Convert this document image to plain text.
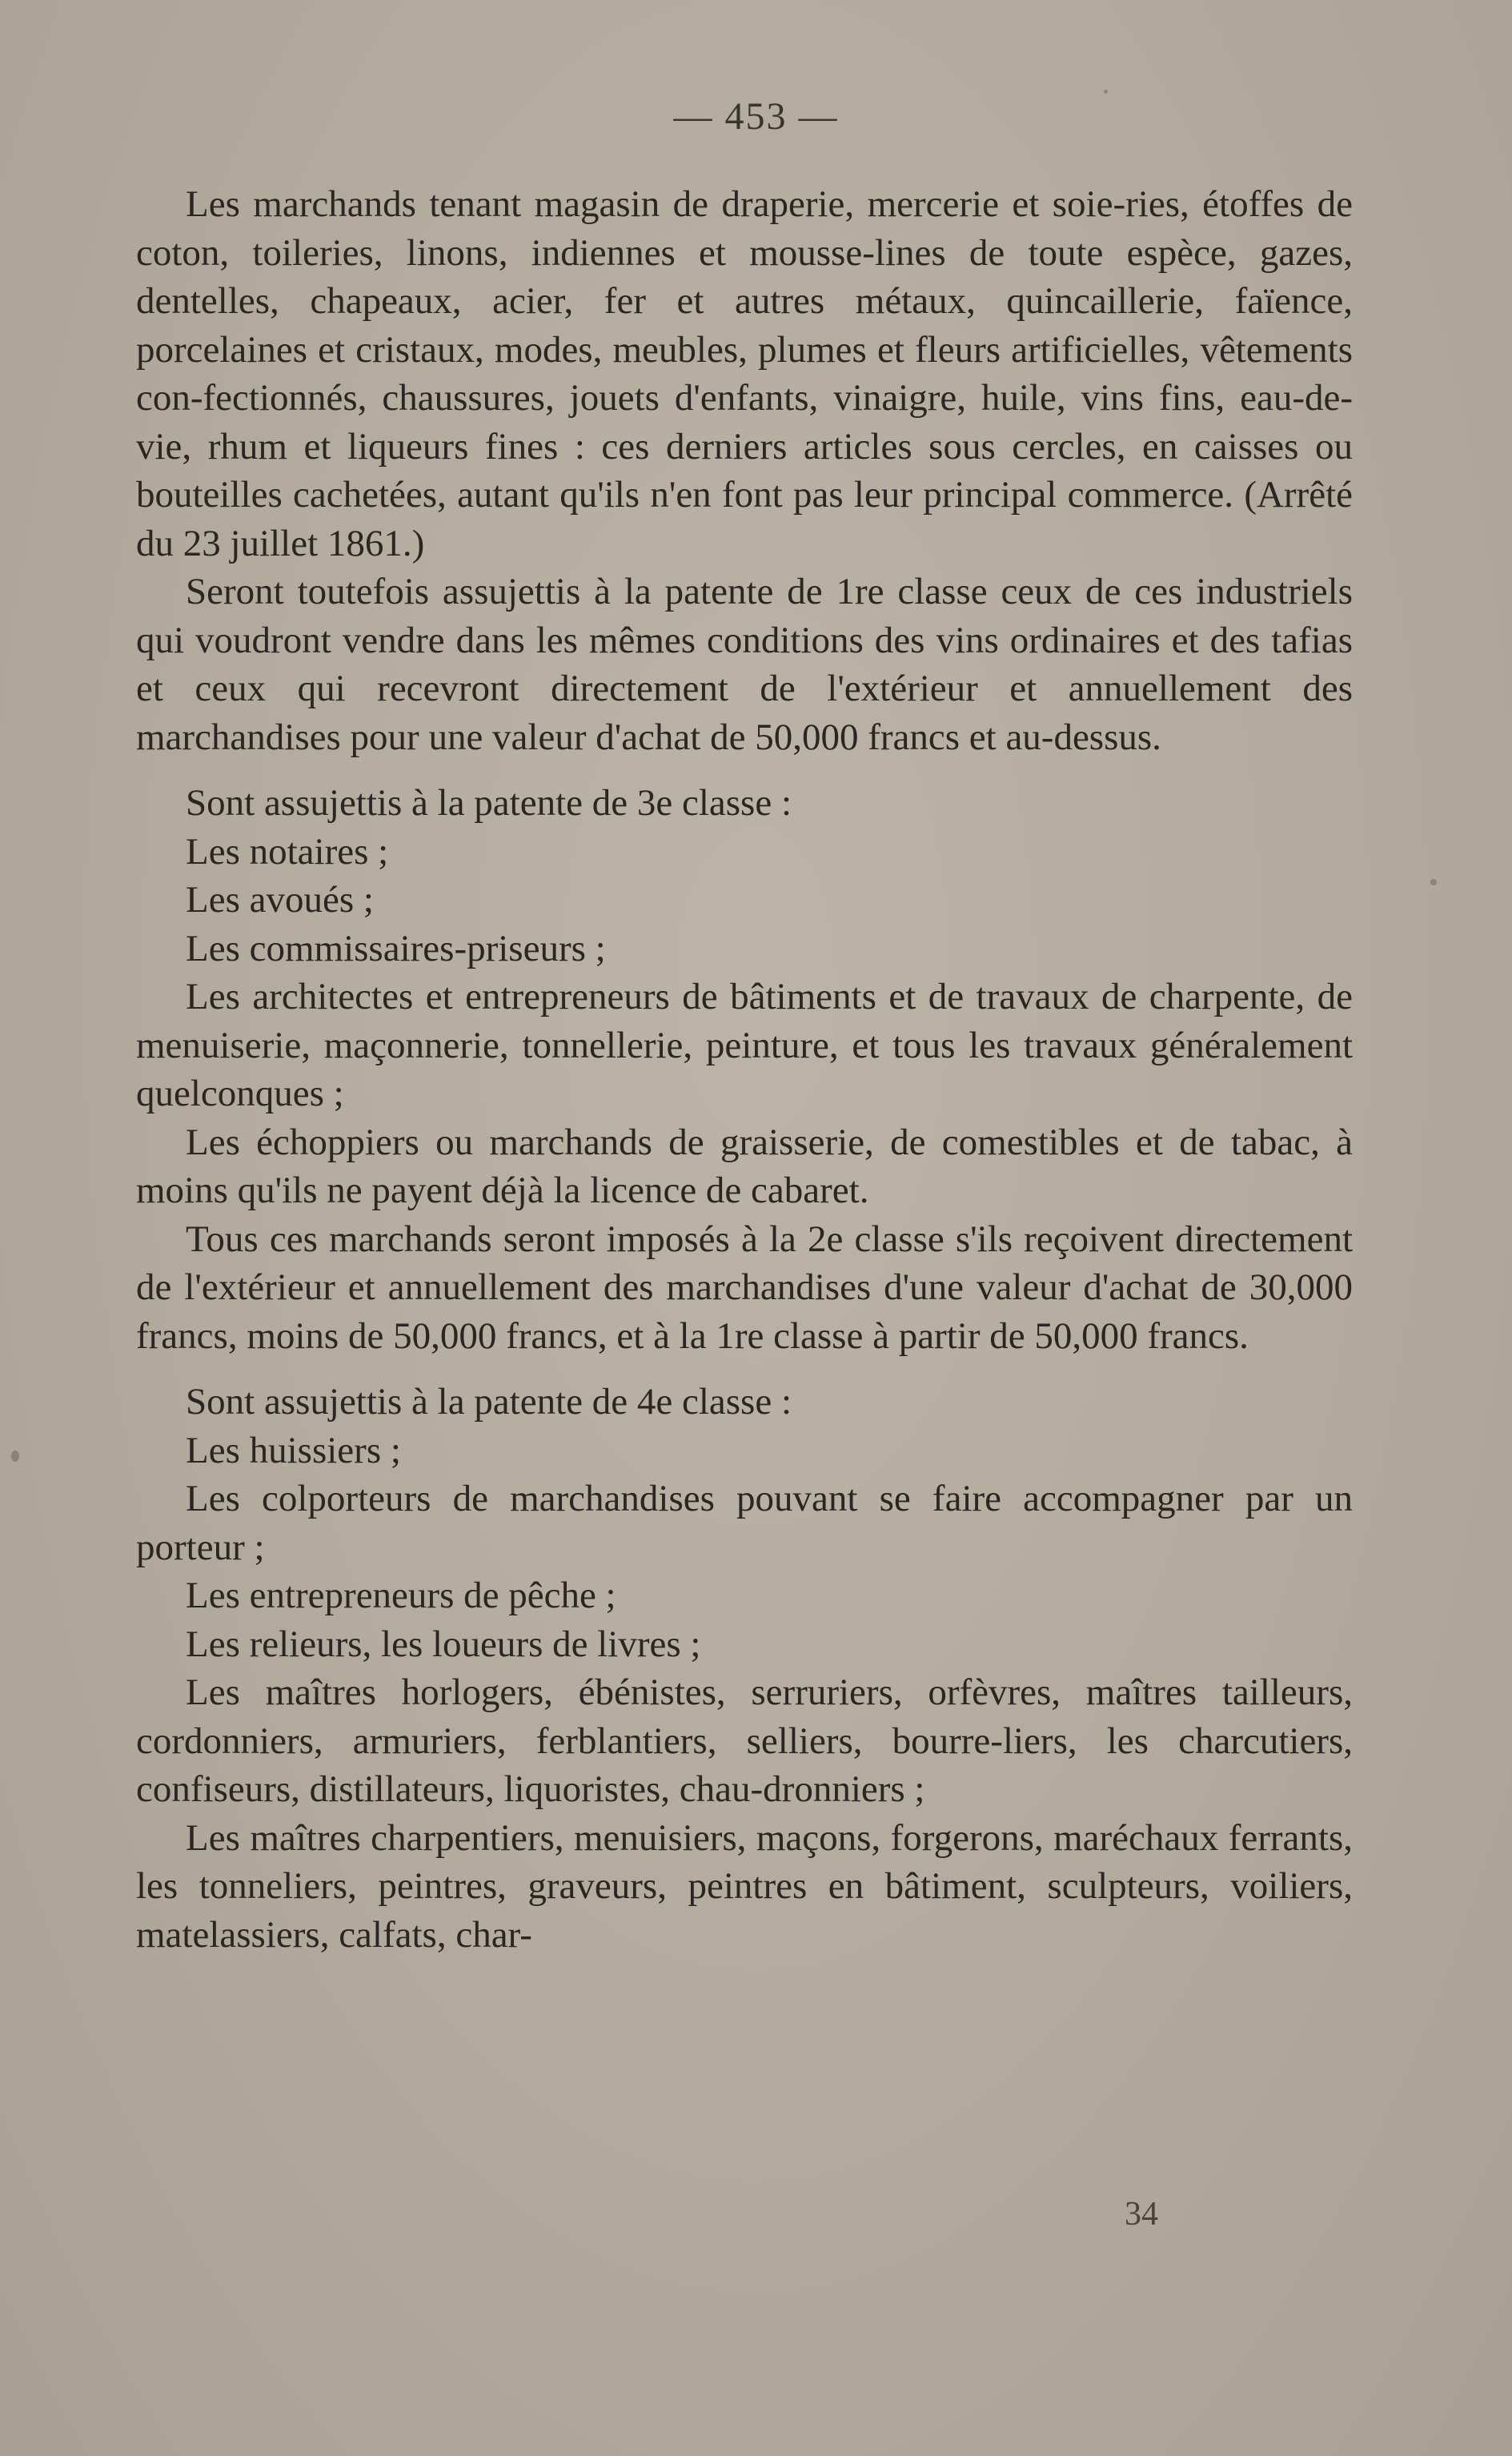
— 453 —

Les marchands tenant magasin de draperie, mercerie et soie-ries, étoffes de coton, toileries, linons, indiennes et mousse-lines de toute espèce, gazes, dentelles, chapeaux, acier, fer et autres métaux, quincaillerie, faïence, porcelaines et cristaux, modes, meubles, plumes et fleurs artificielles, vêtements con-fectionnés, chaussures, jouets d'enfants, vinaigre, huile, vins fins, eau-de-vie, rhum et liqueurs fines : ces derniers articles sous cercles, en caisses ou bouteilles cachetées, autant qu'ils n'en font pas leur principal commerce. (Arrêté du 23 juillet 1861.)

Seront toutefois assujettis à la patente de 1re classe ceux de ces industriels qui voudront vendre dans les mêmes conditions des vins ordinaires et des tafias et ceux qui recevront directement de l'extérieur et annuellement des marchandises pour une valeur d'achat de 50,000 francs et au-dessus.

Sont assujettis à la patente de 3e classe :

Les notaires ;

Les avoués ;

Les commissaires-priseurs ;

Les architectes et entrepreneurs de bâtiments et de travaux de charpente, de menuiserie, maçonnerie, tonnellerie, peinture, et tous les travaux généralement quelconques ;

Les échoppiers ou marchands de graisserie, de comestibles et de tabac, à moins qu'ils ne payent déjà la licence de cabaret.

Tous ces marchands seront imposés à la 2e classe s'ils reçoivent directement de l'extérieur et annuellement des marchandises d'une valeur d'achat de 30,000 francs, moins de 50,000 francs, et à la 1re classe à partir de 50,000 francs.

Sont assujettis à la patente de 4e classe :

Les huissiers ;

Les colporteurs de marchandises pouvant se faire accompagner par un porteur ;

Les entrepreneurs de pêche ;

Les relieurs, les loueurs de livres ;

Les maîtres horlogers, ébénistes, serruriers, orfèvres, maîtres tailleurs, cordonniers, armuriers, ferblantiers, selliers, bourre-liers, les charcutiers, confiseurs, distillateurs, liquoristes, chau-dronniers ;

Les maîtres charpentiers, menuisiers, maçons, forgerons, maréchaux ferrants, les tonneliers, peintres, graveurs, peintres en bâtiment, sculpteurs, voiliers, matelassiers, calfats, char-

34
